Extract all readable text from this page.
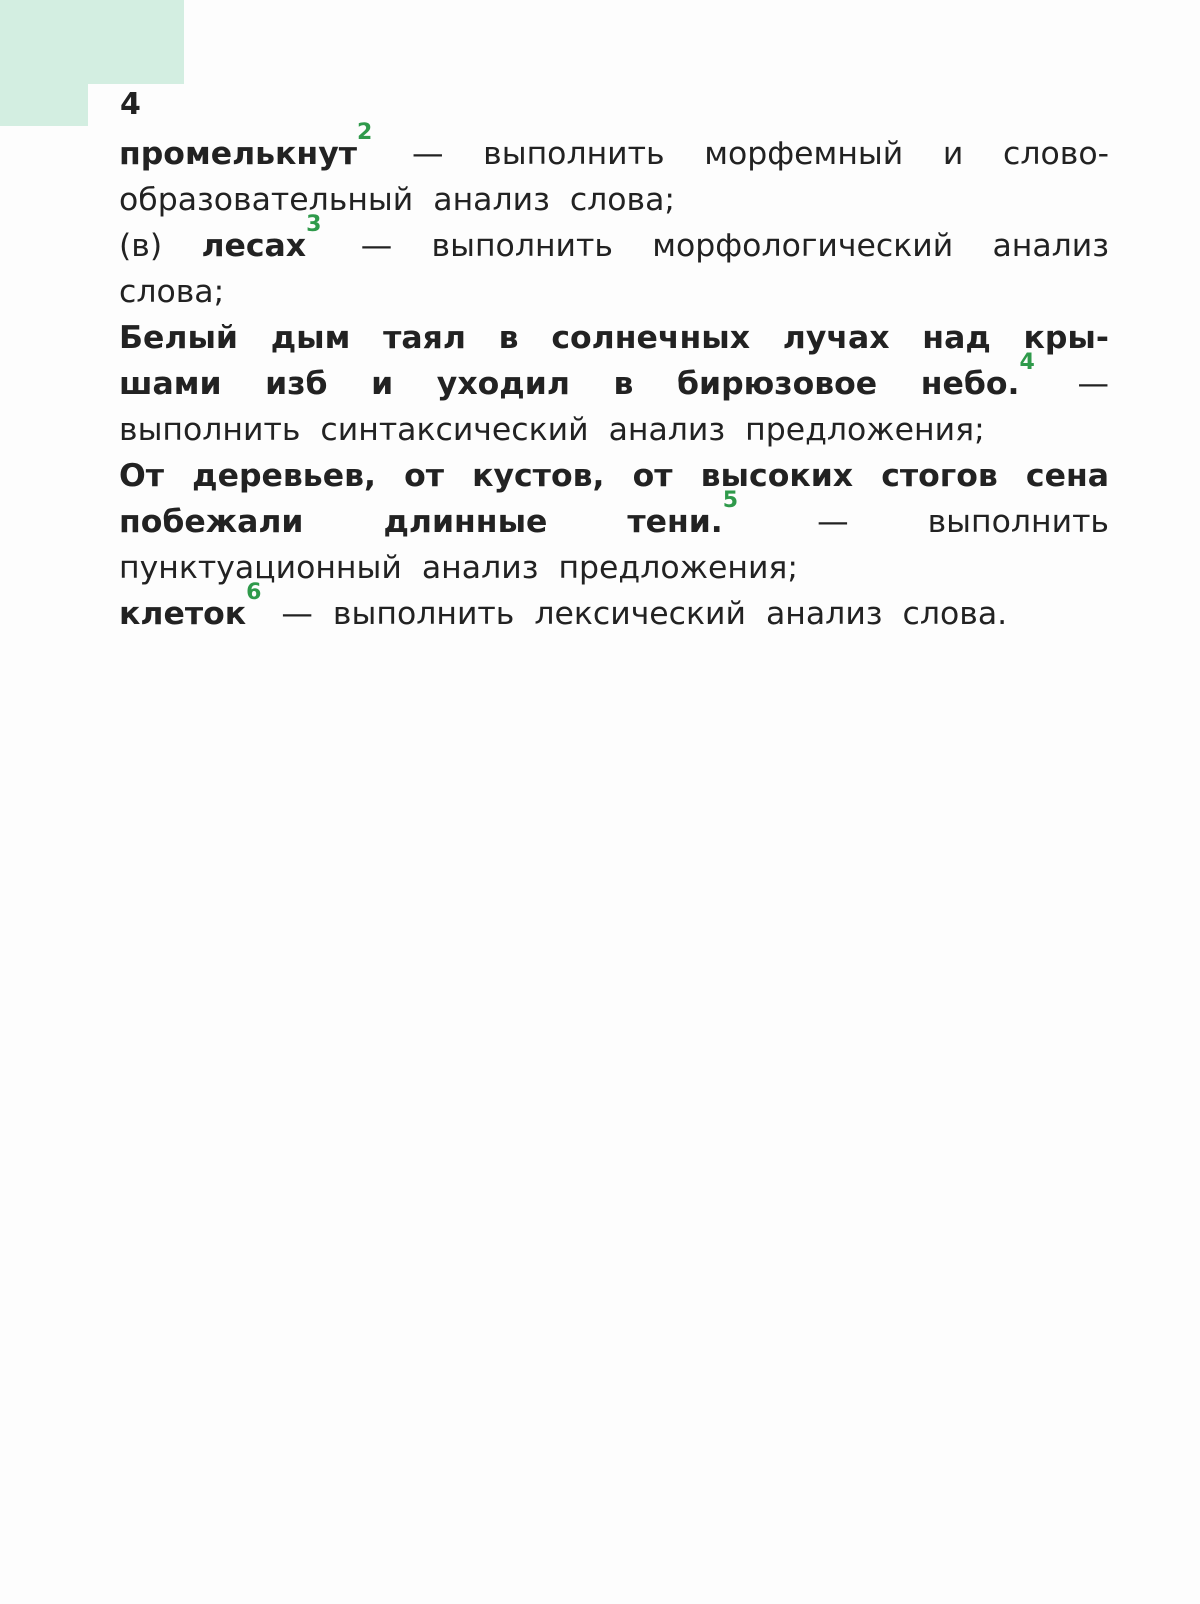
4
промелькнут$^2$ — выполнить морфемный и словообразовательный анализ слова;
(в) лесах$^3$ — выполнить морфологический анализ слова;
Белый дым таял в солнечных лучах над крышами изб и уходил в бирюзовое небо.$^4$ — выполнить синтаксический анализ предложения;
От деревьев, от кустов, от высоких стогов сена побежали длинные тени.$^5$ — выполнить пунктуационный анализ предложения;
клеток$^6$ — выполнить лексический анализ слова.
